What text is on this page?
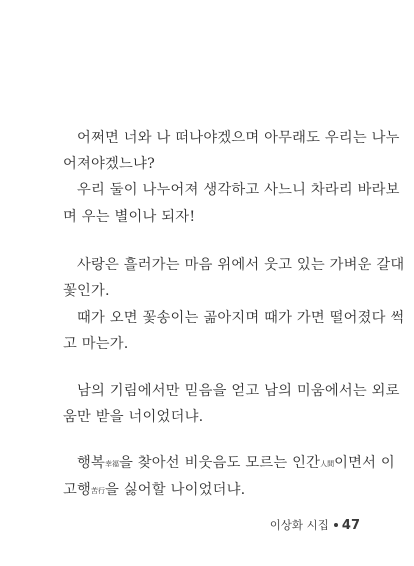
어쩌면 너와 나 떠나야겠으며 아무래도 우리는 나누
어져야겠느냐?
우리 둘이 나누어져 생각하고 사느니 차라리 바라보
며 우는 별이나 되자!
사랑은 흘러가는 마음 위에서 웃고 있는 가벼운 갈대
꽃인가.
때가 오면 꽃송이는 곪아지며 때가 가면 떨어졌다 썩
고 마는가.
남의 기림에서만 믿음을 얻고 남의 미움에서는 외로
움만 받을 너이었더냐.
행복幸福을 찾아선 비웃음도 모르는 인간人間이면서 이
고행苦行을 싫어할 나이었더냐.
이상화 시집 47
